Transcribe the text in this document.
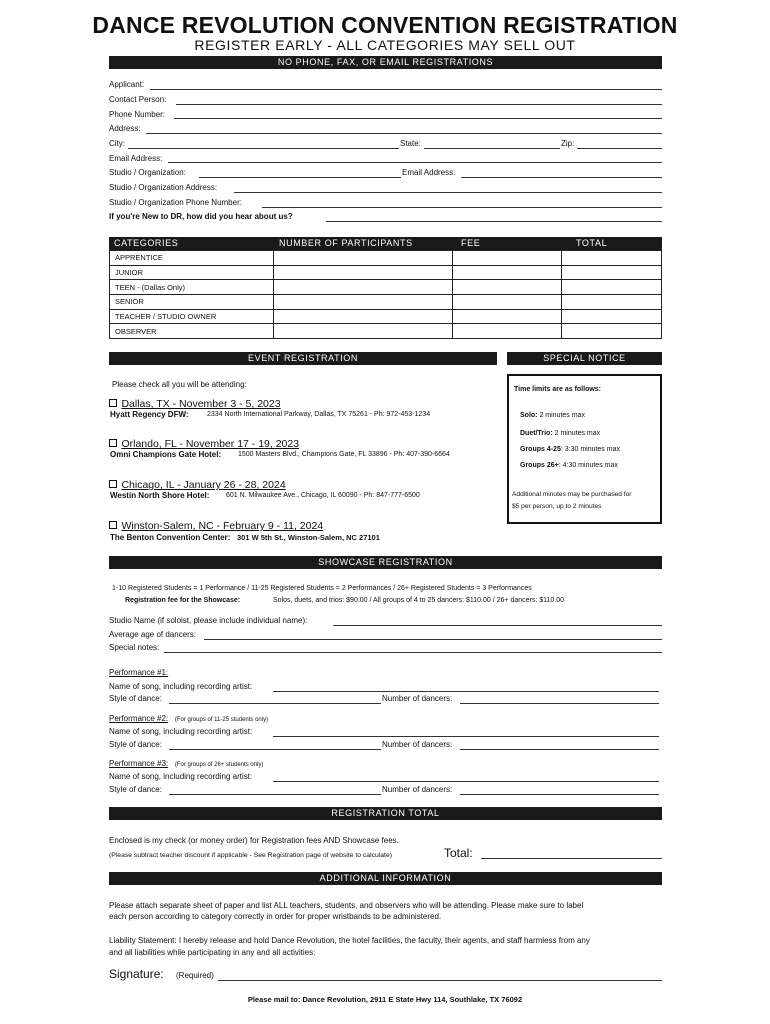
DANCE REVOLUTION CONVENTION REGISTRATION
REGISTER EARLY - ALL CATEGORIES MAY SELL OUT
NO PHONE, FAX, OR EMAIL REGISTRATIONS
Applicant:
Contact Person:
Phone Number:
Address:
City:	State:	Zip:
Email Address:
Studio / Organization:	Email Address:
Studio / Organization Address:
Studio / Organization Phone Number:
If you're New to DR, how did you hear about us?
CATEGORIES	NUMBER OF PARTICIPANTS	FEE	TOTAL
APPRENTICE			
JUNIOR			
TEEN - (Dallas Only)			
SENIOR			
TEACHER / STUDIO OWNER			
OBSERVER			
EVENT REGISTRATION	SPECIAL NOTICE
Please check all you will be attending:
Dallas, TX - November 3 - 5, 2023
Hyatt Regency DFW:	2334 North International Parkway, Dallas, TX 75261 - Ph: 972-453-1234
Orlando, FL - November 17 - 19, 2023
Omni Champions Gate Hotel: 1500 Masters Blvd., Champions Gate, FL 33896 - Ph: 407-390-6664
Chicago, IL - January 26 - 28, 2024
Westin North Shore Hotel: 601 N. Milwaukee Ave., Chicago, IL 60090 - Ph: 847-777-6500
Winston-Salem, NC - February 9 - 11, 2024
The Benton Convention Center: 301 W 5th St., Winston-Salem, NC 27101
Time limits are as follows:
Solo: 2 minutes max
Duet/Trio: 2 minutes max
Groups 4-25: 3:30 minutes max
Groups 26+: 4:30 minutes max
Additional minutes may be purchased for
$5 per person, up to 2 minutes
SHOWCASE REGISTRATION
1-10 Registered Students = 1 Performance / 11-25 Registered Students = 2 Performances / 26+ Registered Students = 3 Performances
Registration fee for the Showcase:	Solos, duets, and trios: $90.00 / All groups of 4 to 25 dancers: $110.00 / 26+ dancers: $110.00
Studio Name (if soloist, please include individual name):
Average age of dancers:
Special notes:
Performance #1:
Name of song, including recording artist:
Style of dance:	Number of dancers:
Performance #2: (For groups of 11-25 students only)
Name of song, including recording artist:
Style of dance:	Number of dancers:
Performance #3: (For groups of 26+ students only)
Name of song, including recording artist:
Style of dance:	Number of dancers:
REGISTRATION TOTAL
Enclosed is my check (or money order) for Registration fees AND Showcase fees.
(Please subtract teacher discount if applicable - See Registration page of website to calculate)	Total:
ADDITIONAL INFORMATION
Please attach separate sheet of paper and list ALL teachers, students, and observers who will be attending. Please make sure to label
each person according to category correctly in order for proper wristbands to be administered.
Liability Statement: I hereby release and hold Dance Revolution, the hotel facilities, the faculty, their agents, and staff harmless from any
and all liabilities while participating in any and all activities:
Signature: (Required)
Please mail to: Dance Revolution, 2911 E State Hwy 114, Southlake, TX 76092
